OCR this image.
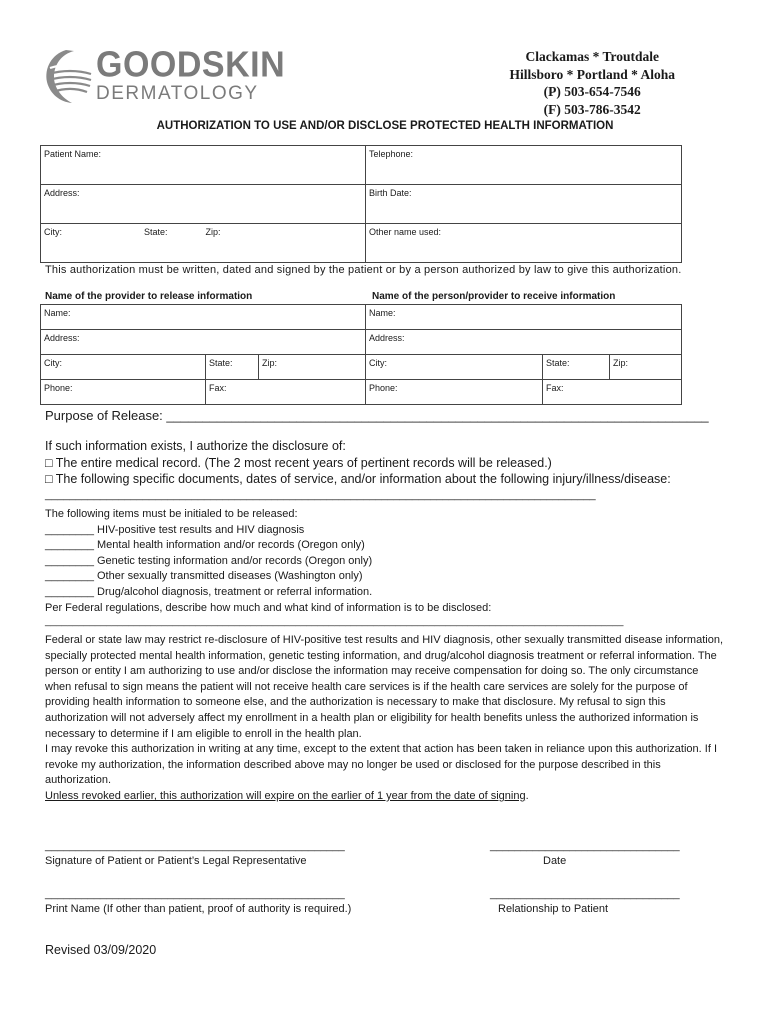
GOODSKIN
DERMATOLOGY
Clackamas * Troutdale
Hillsboro * Portland * Aloha
(P) 503-654-7546
(F) 503-786-3542
AUTHORIZATION TO USE AND/OR DISCLOSE PROTECTED HEALTH INFORMATION
Patient Name:	Telephone:
Address:	Birth Date:
City: State: Zip:	Other name used:
This authorization must be written, dated and signed by the patient or by a person authorized by law to give this authorization.
Name of the provider to release information	Name of the person/provider to receive information
Name:			Name:		
Address:			Address:		
City:	State:	Zip:	City:	State:	Zip:
Phone:	Fax:		Phone:	Fax:	
Purpose of Release: ___________________________________________________________________________
If such information exists, I authorize the disclosure of:
□ The entire medical record. (The 2 most recent years of pertinent records will be released.)
□ The following specific documents, dates of service, and/or information about the following injury/illness/disease:
__________________________________________________________________________________________
The following items must be initialed to be released:
________ HIV-positive test results and HIV diagnosis
________ Mental health information and/or records (Oregon only)
________ Genetic testing information and/or records (Oregon only)
________ Other sexually transmitted diseases (Washington only)
________ Drug/alcohol diagnosis, treatment or referral information.
Per Federal regulations, describe how much and what kind of information is to be disclosed:
________________________________________________________________________________________________________

Federal or state law may restrict re-disclosure of HIV-positive test results and HIV diagnosis, other sexually transmitted disease information, specially protected mental health information, genetic testing information, and drug/alcohol diagnosis treatment or referral information. The person or entity I am authorizing to use and/or disclose the information may receive compensation for doing so. The only circumstance when refusal to sign means the patient will not receive health care services is if the health care services are solely for the purpose of providing health information to someone else, and the authorization is necessary to make that disclosure. My refusal to sign this authorization will not adversely affect my enrollment in a health plan or eligibility for health benefits unless the authorized information is necessary to determine if I am eligible to enroll in the health plan.

I may revoke this authorization in writing at any time, except to the extent that action has been taken in reliance upon this authorization. If I revoke my authorization, the information described above may no longer be used or disclosed for the purpose described in this authorization.

Unless revoked earlier, this authorization will expire on the earlier of 1 year from the date of signing.

_________________________________________________
Signature of Patient or Patient’s Legal Representative
_______________________________
Date
_________________________________________________
Print Name (If other than patient, proof of authority is required.)
_______________________________
Relationship to Patient
Revised 03/09/2020
